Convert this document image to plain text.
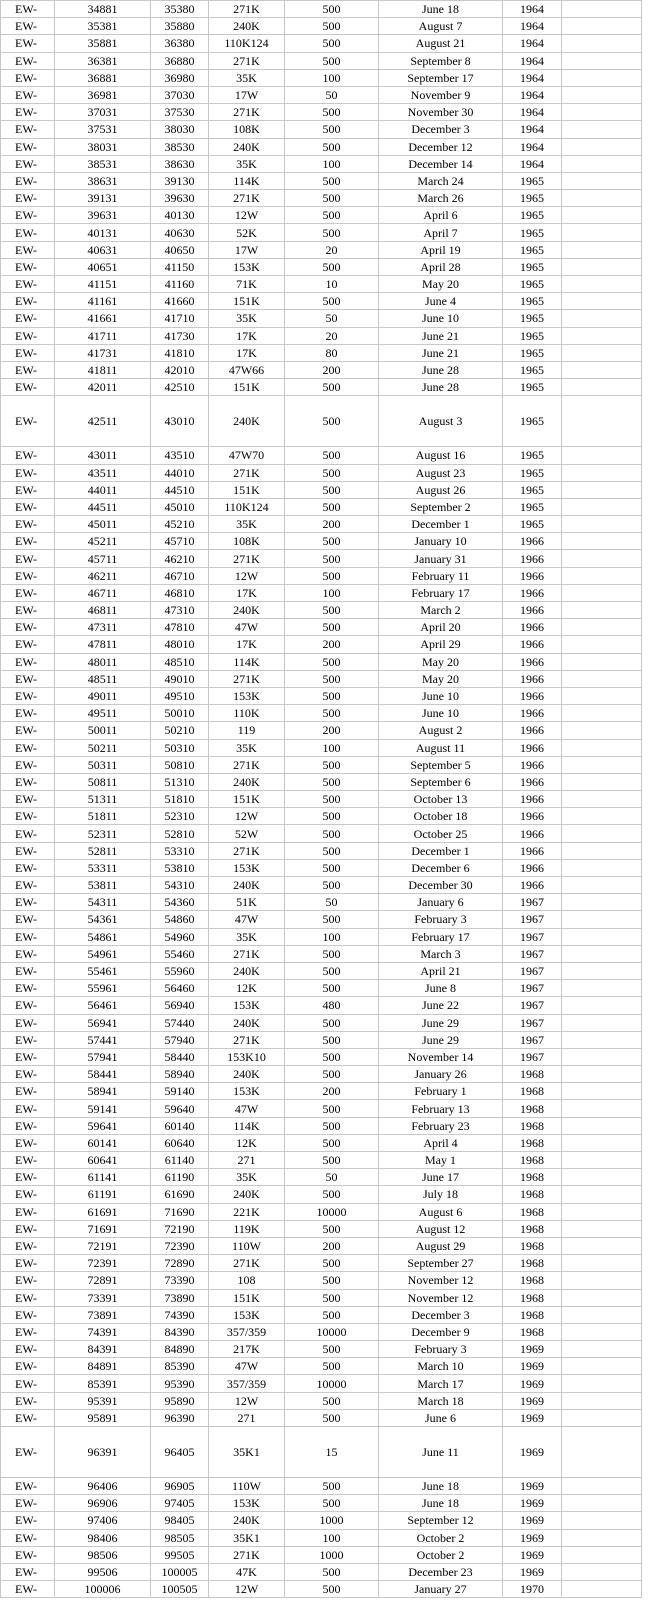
EW-	34881	35380	271K	500	June 18	1964	
EW-	35381	35880	240K	500	August 7	1964	
EW-	35881	36380	110K124	500	August 21	1964	
EW-	36381	36880	271K	500	September 8	1964	
EW-	36881	36980	35K	100	September 17	1964	
EW-	36981	37030	17W	50	November 9	1964	
EW-	37031	37530	271K	500	November 30	1964	
EW-	37531	38030	108K	500	December 3	1964	
EW-	38031	38530	240K	500	December 12	1964	
EW-	38531	38630	35K	100	December 14	1964	
EW-	38631	39130	114K	500	March 24	1965	
EW-	39131	39630	271K	500	March 26	1965	
EW-	39631	40130	12W	500	April 6	1965	
EW-	40131	40630	52K	500	April 7	1965	
EW-	40631	40650	17W	20	April 19	1965	
EW-	40651	41150	153K	500	April 28	1965	
EW-	41151	41160	71K	10	May 20	1965	
EW-	41161	41660	151K	500	June 4	1965	
EW-	41661	41710	35K	50	June 10	1965	
EW-	41711	41730	17K	20	June 21	1965	
EW-	41731	41810	17K	80	June 21	1965	
EW-	41811	42010	47W66	200	June 28	1965	
EW-	42011	42510	151K	500	June 28	1965	
EW-	42511	43010	240K	500	August 3	1965	
EW-	43011	43510	47W70	500	August 16	1965	
EW-	43511	44010	271K	500	August 23	1965	
EW-	44011	44510	151K	500	August 26	1965	
EW-	44511	45010	110K124	500	September 2	1965	
EW-	45011	45210	35K	200	December 1	1965	
EW-	45211	45710	108K	500	January 10	1966	
EW-	45711	46210	271K	500	January 31	1966	
EW-	46211	46710	12W	500	February 11	1966	
EW-	46711	46810	17K	100	February 17	1966	
EW-	46811	47310	240K	500	March 2	1966	
EW-	47311	47810	47W	500	April 20	1966	
EW-	47811	48010	17K	200	April 29	1966	
EW-	48011	48510	114K	500	May 20	1966	
EW-	48511	49010	271K	500	May 20	1966	
EW-	49011	49510	153K	500	June 10	1966	
EW-	49511	50010	110K	500	June 10	1966	
EW-	50011	50210	119	200	August 2	1966	
EW-	50211	50310	35K	100	August 11	1966	
EW-	50311	50810	271K	500	September 5	1966	
EW-	50811	51310	240K	500	September 6	1966	
EW-	51311	51810	151K	500	October 13	1966	
EW-	51811	52310	12W	500	October 18	1966	
EW-	52311	52810	52W	500	October 25	1966	
EW-	52811	53310	271K	500	December 1	1966	
EW-	53311	53810	153K	500	December 6	1966	
EW-	53811	54310	240K	500	December 30	1966	
EW-	54311	54360	51K	50	January 6	1967	
EW-	54361	54860	47W	500	February 3	1967	
EW-	54861	54960	35K	100	February 17	1967	
EW-	54961	55460	271K	500	March 3	1967	
EW-	55461	55960	240K	500	April 21	1967	
EW-	55961	56460	12K	500	June 8	1967	
EW-	56461	56940	153K	480	June 22	1967	
EW-	56941	57440	240K	500	June 29	1967	
EW-	57441	57940	271K	500	June 29	1967	
EW-	57941	58440	153K10	500	November 14	1967	
EW-	58441	58940	240K	500	January 26	1968	
EW-	58941	59140	153K	200	February 1	1968	
EW-	59141	59640	47W	500	February 13	1968	
EW-	59641	60140	114K	500	February 23	1968	
EW-	60141	60640	12K	500	April 4	1968	
EW-	60641	61140	271	500	May 1	1968	
EW-	61141	61190	35K	50	June 17	1968	
EW-	61191	61690	240K	500	July 18	1968	
EW-	61691	71690	221K	10000	August 6	1968	
EW-	71691	72190	119K	500	August 12	1968	
EW-	72191	72390	110W	200	August 29	1968	
EW-	72391	72890	271K	500	September 27	1968	
EW-	72891	73390	108	500	November 12	1968	
EW-	73391	73890	151K	500	November 12	1968	
EW-	73891	74390	153K	500	December 3	1968	
EW-	74391	84390	357/359	10000	December 9	1968	
EW-	84391	84890	217K	500	February 3	1969	
EW-	84891	85390	47W	500	March 10	1969	
EW-	85391	95390	357/359	10000	March 17	1969	
EW-	95391	95890	12W	500	March 18	1969	
EW-	95891	96390	271	500	June 6	1969	
EW-	96391	96405	35K1	15	June 11	1969	
EW-	96406	96905	110W	500	June 18	1969	
EW-	96906	97405	153K	500	June 18	1969	
EW-	97406	98405	240K	1000	September 12	1969	
EW-	98406	98505	35K1	100	October 2	1969	
EW-	98506	99505	271K	1000	October 2	1969	
EW-	99506	100005	47K	500	December 23	1969	
EW-	100006	100505	12W	500	January 27	1970	
